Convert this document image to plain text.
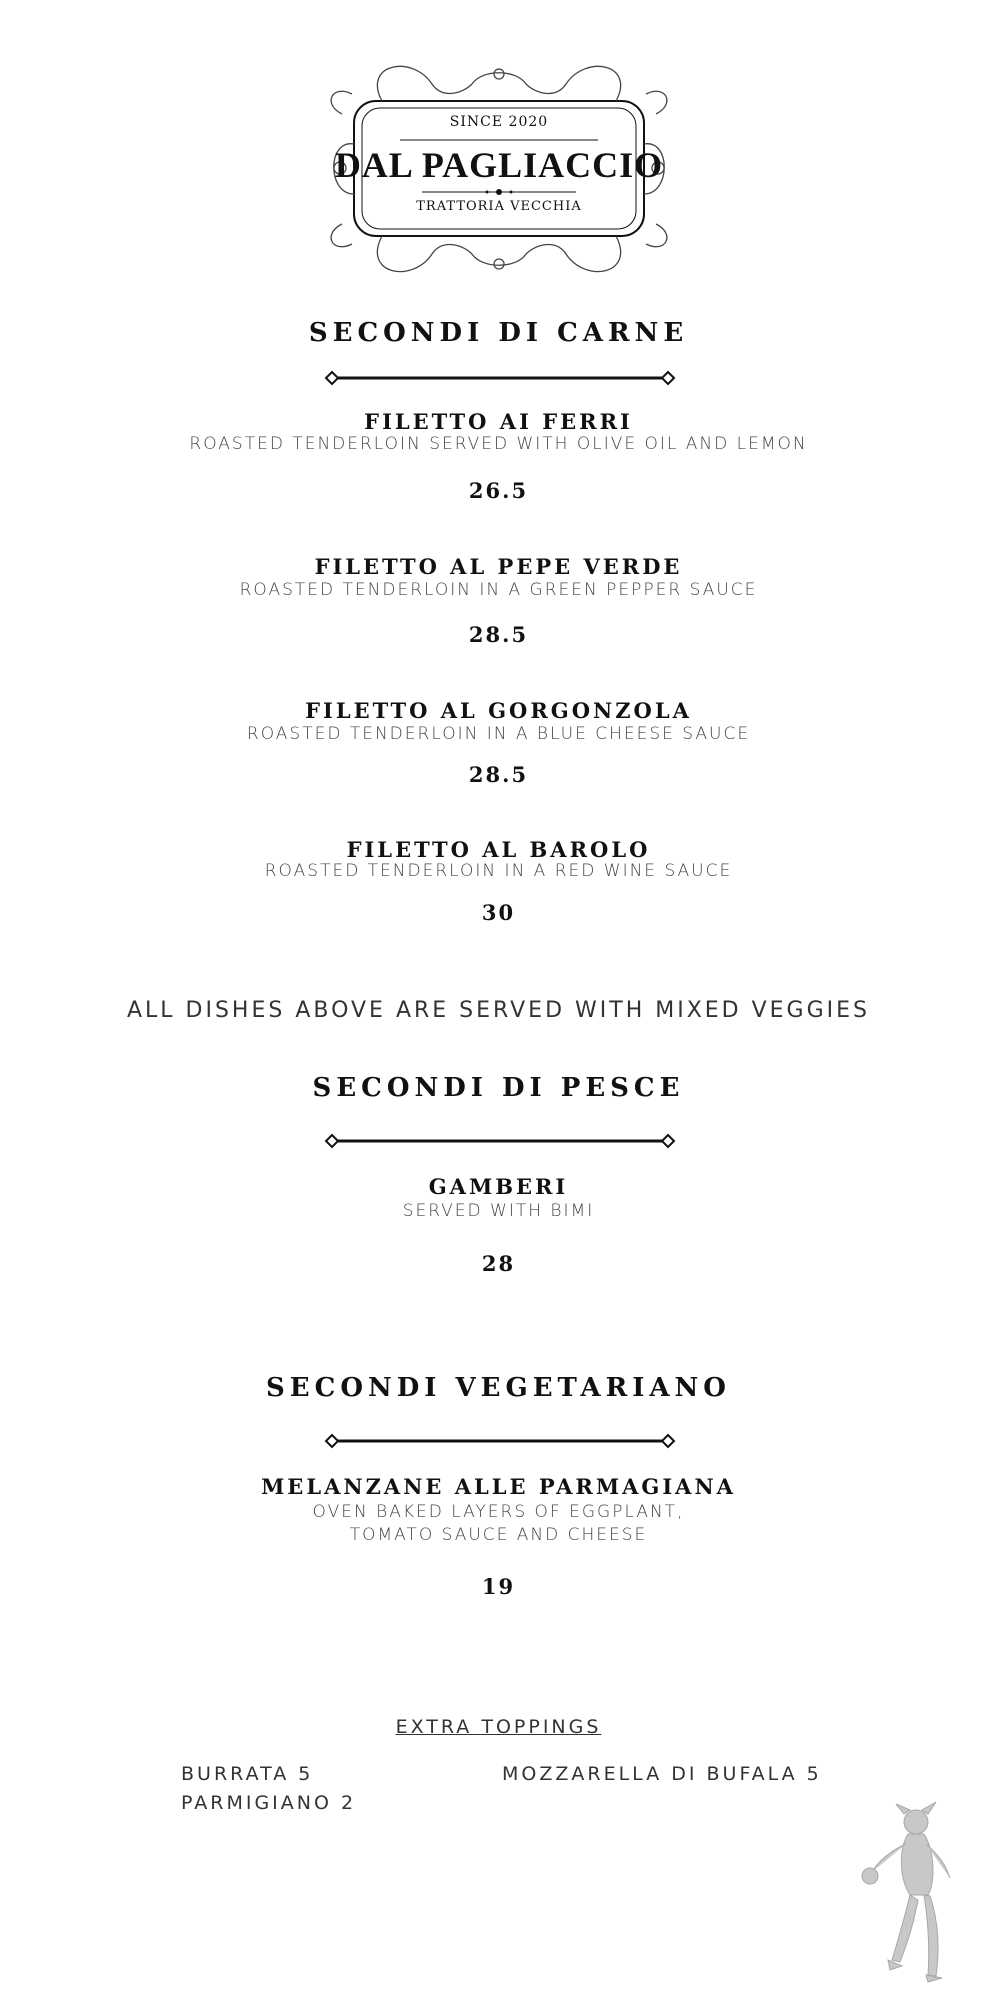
SINCE 2020
DAL PAGLIACCIO
TRATTORIA VECCHIA
SECONDI DI CARNE
FILETTO AI FERRI
ROASTED TENDERLOIN SERVED WITH OLIVE OIL AND LEMON
26.5
FILETTO AL PEPE VERDE
ROASTED TENDERLOIN IN A GREEN PEPPER SAUCE
28.5
FILETTO AL GORGONZOLA
ROASTED TENDERLOIN IN A BLUE CHEESE SAUCE
28.5
FILETTO AL BAROLO
ROASTED TENDERLOIN IN A RED WINE SAUCE
30
ALL DISHES ABOVE ARE SERVED WITH MIXED VEGGIES
SECONDI DI PESCE
GAMBERI
SERVED WITH BIMI
28
SECONDI VEGETARIANO
MELANZANE ALLE PARMAGIANA
OVEN BAKED LAYERS OF EGGPLANT,
TOMATO SAUCE AND CHEESE
19
EXTRA TOPPINGS
BURRATA 5	MOZZARELLA DI BUFALA 5
PARMIGIANO 2
